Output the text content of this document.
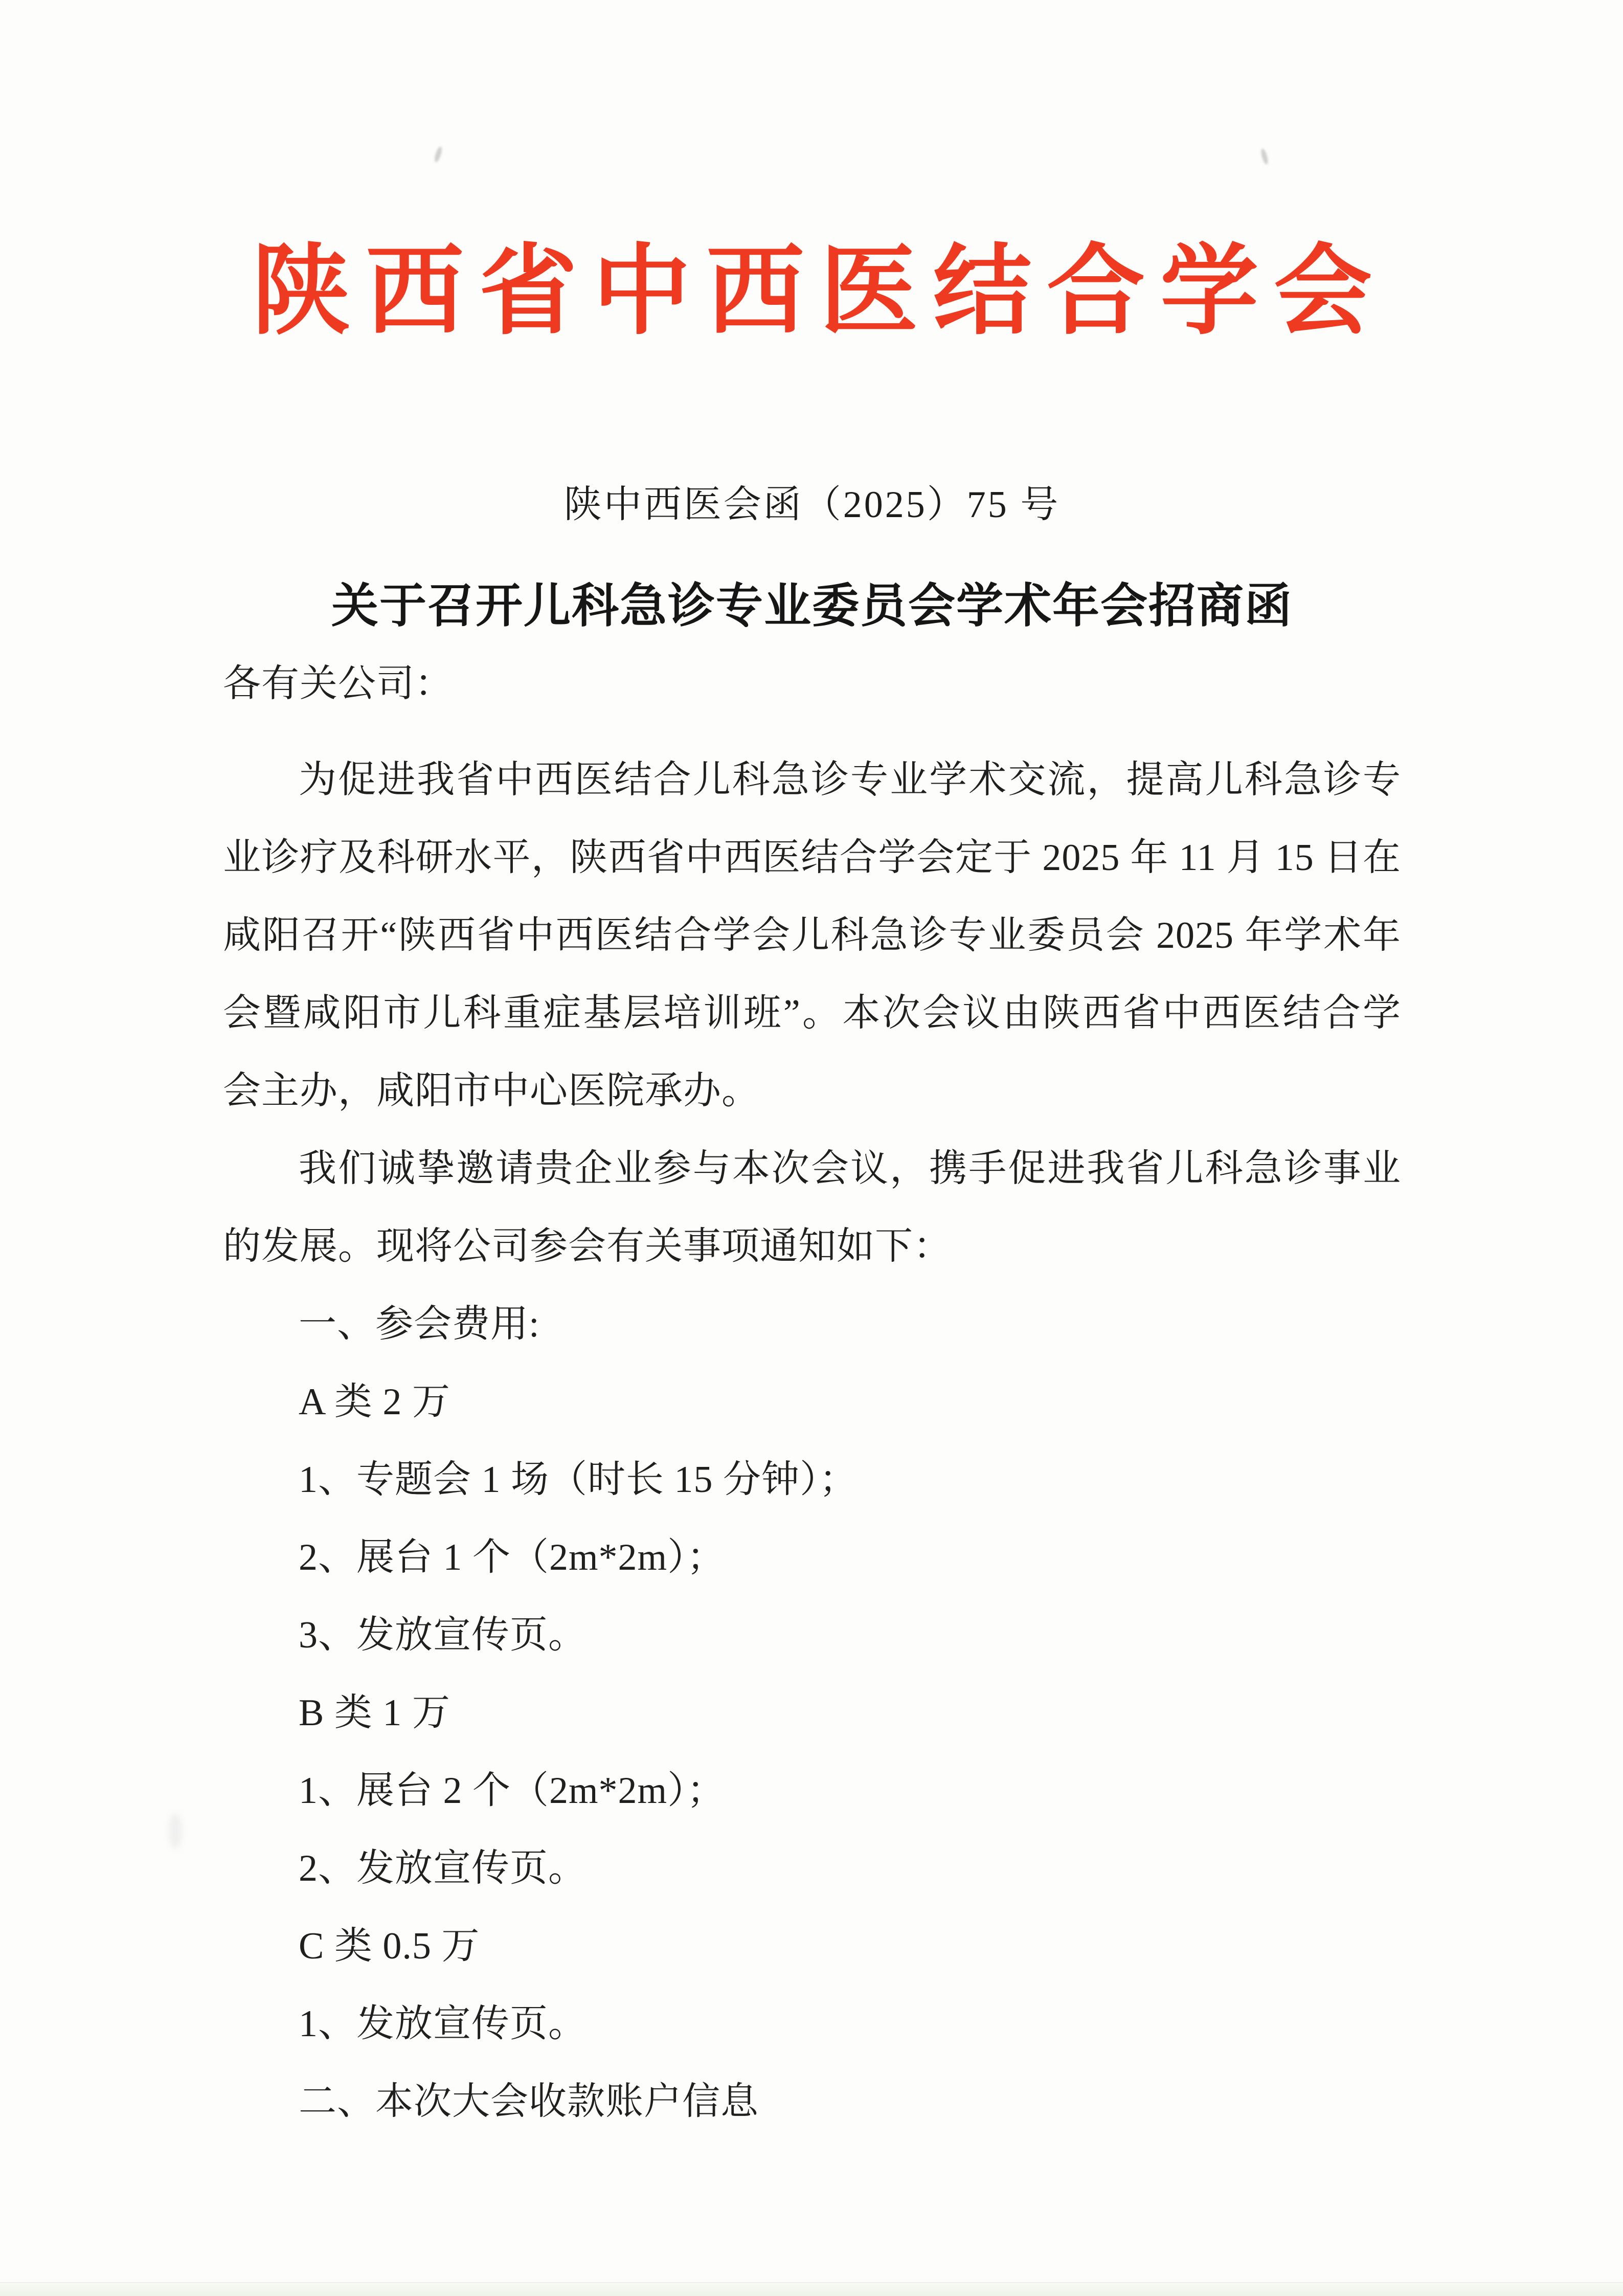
陕西省中西医结合学会
陕中西医会函（2025）75 号
关于召开儿科急诊专业委员会学术年会招商函
各有关公司：
为促进我省中西医结合儿科急诊专业学术交流，提高儿科急诊专
业诊疗及科研水平，陕西省中西医结合学会定于 2025 年 11 月 15 日在
咸阳召开“陕西省中西医结合学会儿科急诊专业委员会 2025 年学术年
会暨咸阳市儿科重症基层培训班”。本次会议由陕西省中西医结合学
会主办，咸阳市中心医院承办。
我们诚挚邀请贵企业参与本次会议，携手促进我省儿科急诊事业
的发展。现将公司参会有关事项通知如下：
一、参会费用:
A 类 2 万
1、专题会 1 场（时长 15 分钟）；
2、展台 1 个（2m*2m）；
3、发放宣传页。
B 类 1 万
1、展台 2 个（2m*2m）；
2、发放宣传页。
C 类 0.5 万
1、发放宣传页。
二、本次大会收款账户信息
